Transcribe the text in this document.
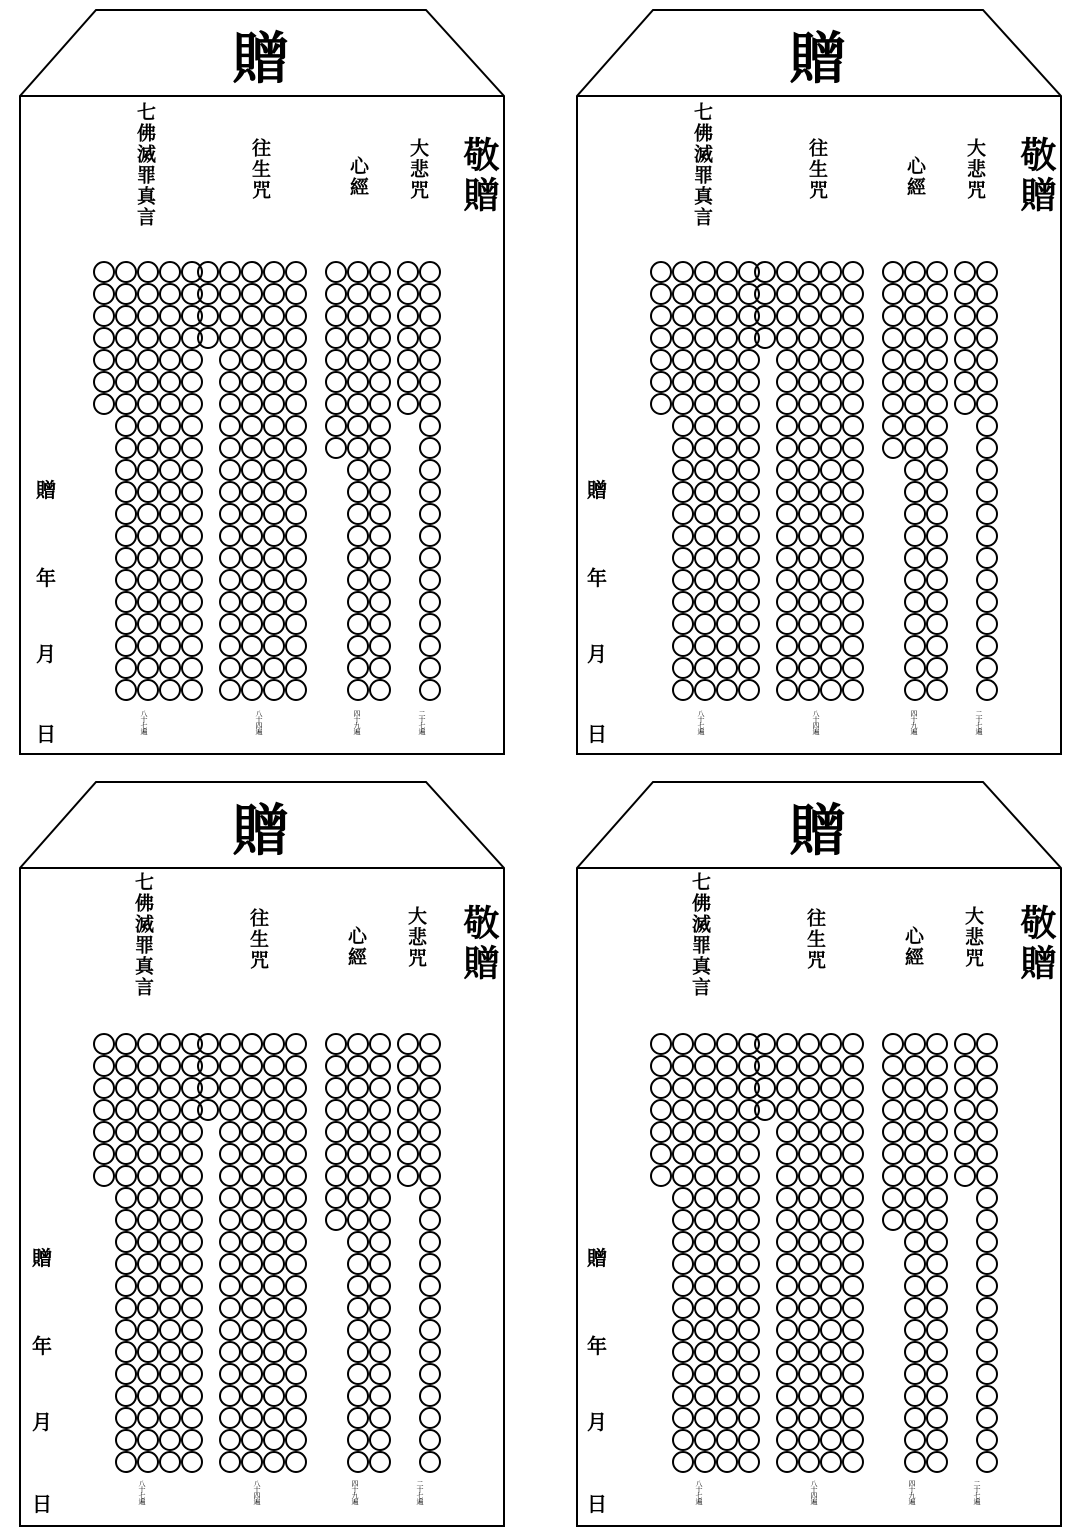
贈
敬贈
大悲咒
心經
往生咒
七佛滅罪真言
贈
年
月
日	二十七遍
四十九遍
八十四遍
八十七遍
贈
敬贈
大悲咒
心經
往生咒
七佛滅罪真言
贈
年
月
日	二十七遍
四十九遍
八十四遍
八十七遍
贈
敬贈
大悲咒
心經
往生咒
七佛滅罪真言
贈
年
月
日	二十七遍
四十九遍
八十四遍
八十七遍
贈
敬贈
大悲咒
心經
往生咒
七佛滅罪真言
贈
年
月
日	二十七遍
四十九遍
八十四遍
八十七遍
